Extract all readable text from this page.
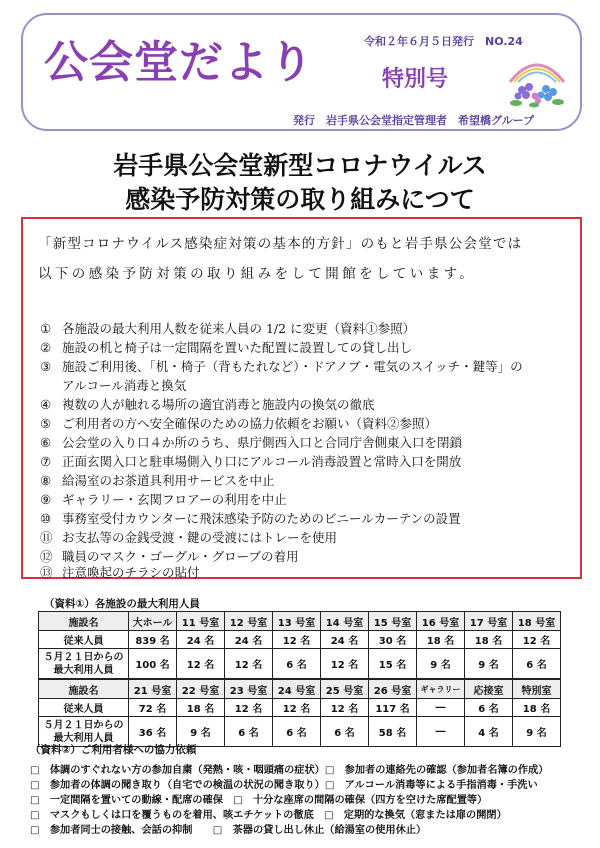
公会堂だより	特別号
令和２年６月５日発行　NO.24
発行　岩手県公会堂指定管理者　希望橋グループ
岩手県公会堂新型コロナウイルス
感染予防対策の取り組みにつて
「新型コロナウイルス感染症対策の基本的方針」のもと岩手県公会堂では
以下の感染予防対策の取り組みをして開館をしています。
① 各施設の最大利用人数を従来人員の 1/2 に変更（資料①参照）
② 施設の机と椅子は一定間隔を置いた配置に設置しての貸し出し
③ 施設ご利用後、「机・椅子（背もたれなど）・ドアノブ・電気のスイッチ・鍵等」の
アルコール消毒と換気
④ 複数の人が触れる場所の適宜消毒と施設内の換気の徹底
⑤ ご利用者の方へ安全確保のための協力依頼をお願い（資料②参照）
⑥ 公会堂の入り口４か所のうち、県庁側西入口と合同庁舎側東入口を閉鎖
⑦ 正面玄関入口と駐車場側入り口にアルコール消毒設置と常時入口を開放
⑧ 給湯室のお茶道具利用サービスを中止
⑨ ギャラリー・玄関フロアーの利用を中止
⑩ 事務室受付カウンターに飛沫感染予防のためのビニールカーテンの設置
⑪ お支払等の金銭受渡・鍵の受渡にはトレーを使用
⑫ 職員のマスク・ゴーグル・グローブの着用
⑬ 注意喚起のチラシの貼付
（資料①）各施設の最大利用人員
施設名	大ホール	11 号室	12 号室	13 号室	14 号室	15 号室	16 号室	17 号室	18 号室
従来人員	839 名	24 名	24 名	12 名	24 名	30 名	18 名	18 名	12 名

５月２１日からの
最大利用人員	100 名	12 名	12 名	6 名	12 名	15 名	9 名	9 名	6 名
施設名	21 号室	22 号室	23 号室	24 号室	25 号室	26 号室	ギャラリー	応接室	特別室
従来人員	72 名	18 名	12 名	12 名	12 名	117 名	―	6 名	18 名

５月２１日からの
最大利用人員	36 名	9 名	6 名	6 名	6 名	58 名	―	4 名	9 名
（資料②）ご利用者様への協力依頼
□　体調のすぐれない方の参加自粛（発熱・咳・咽頭痛の症状）□　参加者の連絡先の確認（参加者名簿の作成）
□　参加者の体調の聞き取り（自宅での検温の状況の聞き取り）□　アルコール消毒等による手指消毒・手洗い
□　一定間隔を置いての動線・配席の確保　□　十分な座席の間隔の確保（四方を空けた席配置等）
□　マスクもしくは口を覆うものを着用、咳エチケットの徹底　□　定期的な換気（窓または扉の開閉）
□　参加者同士の接触、会話の抑制　　□　茶器の貸し出し休止（給湯室の使用休止）
